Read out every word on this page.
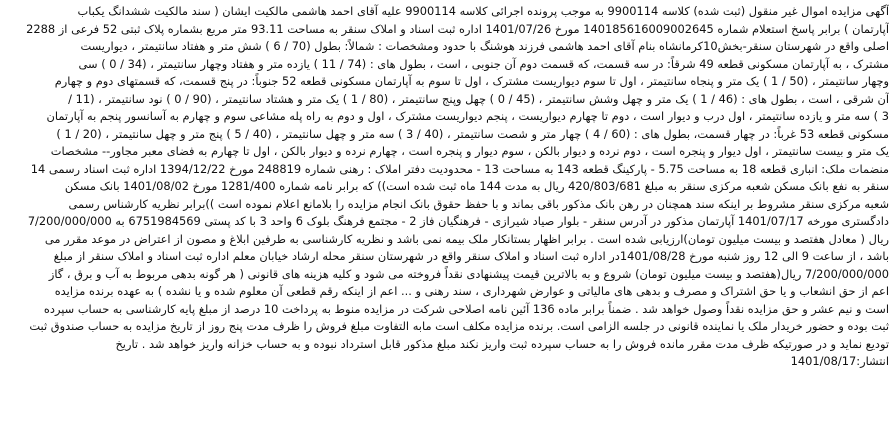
آگهی مزایده اموال غیر منقول (ثبت شده) کلاسه 9900114 به موجب پرونده اجرائی کلاسه 9900114 علیه آقای احمد هاشمی مالکیت ایشان ( سند مالکیت ششدانگ یکباب
آپارتمان ) برابر پاسخ استعلام شماره 140185616009002645 مورخ 1401/07/26 اداره ثبت اسناد و املاک سنقر به مساحت 93.11 متر مربع بشماره پلاک ثبتی 52 فرعی از 2288
اصلی واقع در شهرستان سنقر-بخش10کرمانشاه بنام آقای احمد هاشمی فرزند هوشنگ با حدود ومشخصات : شمالاً: بطول (70 / 6 ) شش متر و هفتاد سانتیمتر ، دیواریست
مشترک ، به آپارتمان مسکونی قطعه 49 شرقاً: در سه قسمت، که قسمت دوم آن جنوبی ، است ، بطول های : (74 / 11 ) یازده متر و هفتاد وچهار سانتیمتر ، (34 / 0 ) سی
وچهار سانتیمتر ، (50 / 1 ) یک متر و پنجاه سانتیمتر ، اول تا سوم دیواریست مشترک ، اول تا سوم به آپارتمان مسکونی قطعه 52 جنوباً: در پنج قسمت، که قسمتهای دوم و چهارم
آن شرقی ، است ، بطول های : (46 / 1 ) یک متر و چهل وشش سانتیمتر ، (45 / 0 ) چهل وپنج سانتیمتر ، (80 / 1 ) یک متر و هشتاد سانتیمتر ، (90 / 0 ) نود سانتیمتر ، (11 /
3 ) سه متر و یازده سانتیمتر ، اول درب و دیوار است ، دوم تا چهارم دیواریست ، پنجم دیواریست مشترک ، اول و دوم به راه پله مشاعی سوم و چهارم به آسانسور پنجم به آپارتمان
مسکونی قطعه 53 غرباً: در چهار قسمت، بطول های : (60 / 4 ) چهار متر و شصت سانتیمتر ، (40 / 3 ) سه متر و چهل سانتیمتر ، (40 / 5 ) پنج متر و چهل سانتیمتر ، (20 / 1 )
یک متر و بیست سانتیمتر ، اول دیوار و پنجره است ، دوم نرده و دیوار بالکن ، سوم دیوار و پنجره است ، چهارم نرده و دیوار بالکن ، اول تا چهارم به فضای معبر مجاور-- مشخصات
منضمات ملک: انباری قطعه 18 به مساحت 5.75 - پارکینگ قطعه 143 به مساحت 13 - محدودیت دفتر املاک : رهنی شماره 248819 مورخ 1394/12/22 اداره ثبت اسناد رسمی 14
سنقر به نفع بانک مسکن شعبه مرکزی سنقر به مبلغ 420/803/681 ریال به مدت 144 ماه ثبت شده است)) که برابر نامه شماره 1281/400 مورخ 1401/08/02 بانک مسکن
شعبه مرکزی سنقر مشروط بر اینکه سند همچنان در رهن بانک مذکور باقی بماند و با حفظ حقوق بانک انجام مزایده را بلامانع اعلام نموده است ))برابر نظریه کارشناس رسمی
دادگستری مورخه 1401/07/17 آپارتمان مذکور در آدرس سنقر - بلوار صیاد شیرازی - فرهنگیان فاز 2 - مجتمع فرهنگ بلوک 6 واحد 3 با کد پستی 6751984569 به 7/200/000/000
ریال ( معادل هفتصد و بیست میلیون تومان)ارزیابی شده است . برابر اظهار بستانکار ملک بیمه نمی باشد و نظریه کارشناسی به طرفین ابلاغ و مصون از اعتراض در موعد مقرر می
باشد ، از ساعت 9 الی 12 روز شنبه مورخ 1401/08/28در اداره ثبت اسناد و املاک سنقر واقع در شهرستان سنقر محله ارشاد خیابان معلم اداره ثبت اسناد و املاک سنقر از مبلغ
7/200/000/000 ریال(هفتصد و بیست میلیون تومان) شروع و به بالاترین قیمت پیشنهادی نقداً فروخته می شود و کلیه هزینه های قانونی ( هر گونه بدهی مربوط به آب و برق ، گاز
اعم از حق انشعاب و یا حق اشتراک و مصرف و بدهی های مالیاتی و عوارض شهرداری ، سند رهنی و ... اعم از اینکه رقم قطعی آن معلوم شده و یا نشده ) به عهده برنده مزایده
است و نیم عشر و حق مزایده نقداً وصول خواهد شد . ضمناً برابر ماده 136 آئین نامه اصلاحی شرکت در مزایده منوط به پرداخت 10 درصد از مبلغ پایه کارشناسی به حساب سپرده
ثبت بوده و حضور خریدار ملک یا نماینده قانونی در جلسه الزامی است. برنده مزایده مکلف است مابه التفاوت مبلغ فروش را ظرف مدت پنج روز از تاریخ مزایده به حساب صندوق ثبت
تودیع نماید و در صورتیکه ظرف مدت مقرر مانده فروش را به حساب سپرده ثبت واریز نکند مبلغ مذکور قابل استرداد نبوده و به حساب خزانه واریز خواهد شد . تاریخ
انتشار:1401/08/17
